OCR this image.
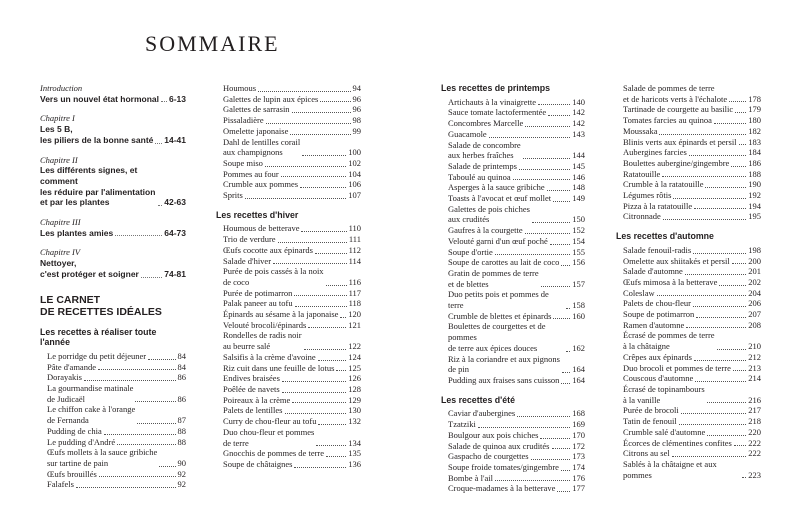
SOMMAIRE
Introduction
Vers un nouvel état hormonal 6-13
Chapitre I
Les 5 B,
les piliers de la bonne santé 14-41
Chapitre II
Les différents signes, et comment
les réduire par l'alimentation
et par les plantes	42-63
Chapitre III
Les plantes amies	64-73
Chapitre IV
Nettoyer,
c'est protéger et soigner	74-81
LE CARNET
DE RECETTES IDÉALES
Les recettes à réaliser toute l'année
Le porridge du petit déjeuner	84
Pâte d'amande	84
Dorayakis	86
La gourmandise matinale
de Judicaël	86
Le chiffon cake à l'orange
de Fernanda	87
Pudding de chia	88
Le pudding d'André	88
Œufs mollets à la sauce gribiche
sur tartine de pain	90
Œufs brouillés	92
Falafels	92
Houmous	94
Galettes de lupin aux épices	96
Galettes de sarrasin	96
Pissaladière	98
Omelette japonaise	99
Dahl de lentilles corail
aux champignons	100
Soupe miso	102
Pommes au four	104
Crumble aux pommes	106
Sprits	107
Les recettes d'hiver
Houmous de betterave	110
Trio de verdure	111
Œufs cocotte aux épinards	112
Salade d'hiver	114
Purée de pois cassés à la noix
de coco	116
Purée de potimarron	117
Palak paneer au tofu	118
Épinards au sésame à la japonaise 120
Velouté brocoli/épinards	121
Rondelles de radis noir
au beurre salé	122
Salsifis à la crème d'avoine	124
Riz cuit dans une feuille de lotus 125
Endives braisées	126
Poêlée de navets	128
Poireaux à la crème	129
Palets de lentilles	130
Curry de chou-fleur au tofu	132
Duo chou-fleur et pommes
de terre	134
Gnocchis de pommes de terre	135
Soupe de châtaignes	136
Les recettes de printemps
Artichauts à la vinaigrette	140
Sauce tomate lactofermentée	142
Concombres Marcelle	142
Guacamole	143
Salade de concombre
aux herbes fraîches	144
Salade de printemps	145
Taboulé au quinoa	146
Asperges à la sauce gribiche	148
Toasts à l'avocat et œuf mollet 149
Galettes de pois chiches
aux crudités	150
Gaufres à la courgette	152
Velouté garni d'un œuf poché	154
Soupe d'ortie	155
Soupe de carottes au lait de coco 156
Gratin de pommes de terre
et de blettes	157
Duo petits pois et pommes de terre	158
Crumble de blettes et épinards 160
Boulettes de courgettes et de pommes
de terre aux épices douces	162
Riz à la coriandre et aux pignons
de pin	164
Pudding aux fraises sans cuisson 164
Les recettes d'été
Caviar d'aubergines	168
Tzatziki	169
Boulgour aux pois chiches	170
Salade de quinoa aux crudités	172
Gaspacho de courgettes	173
Soupe froide tomates/gingembre 174
Bombe à l'ail	176
Croque-madames à la betterave 177
Salade de pommes de terre
et de haricots verts à l'échalote 178
Tartinade de courgette au basilic 179
Tomates farcies au quinoa	180
Moussaka	182
Blinis verts aux épinards et persil 183
Aubergines farcies	184
Boulettes aubergine/gingembre 186
Ratatouille	188
Crumble à la ratatouille	190
Légumes rôtis	192
Pizza à la ratatouille	194
Citronnade	195
Les recettes d'automne
Salade fenouil-radis	198
Omelette aux shiitakés et persil 200
Salade d'automne	201
Œufs mimosa à la betterave	202
Coleslaw	204
Palets de chou-fleur	206
Soupe de potimarron	207
Ramen d'automne	208
Écrasé de pommes de terre
à la châtaigne	210
Crêpes aux épinards	212
Duo brocoli et pommes de terre 213
Couscous d'automne	214
Écrasé de topinambours
à la vanille	216
Purée de brocoli	217
Tatin de fenouil	218
Crumble salé d'automne	220
Écorces de clémentines confites 222
Citrons au sel	222
Sablés à la châtaigne et aux pommes	223
